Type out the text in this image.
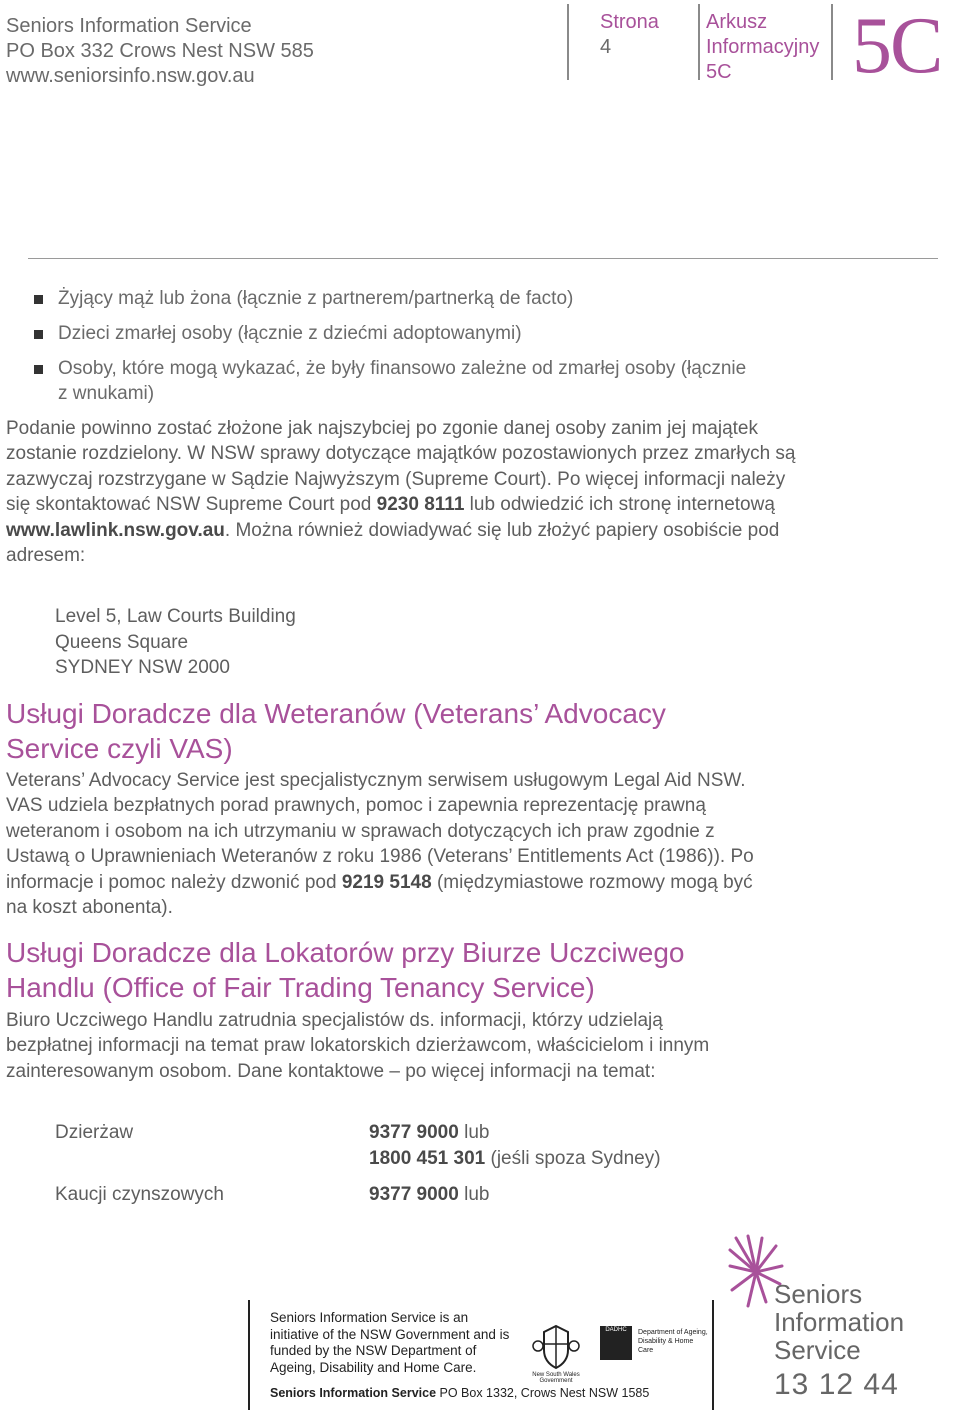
Seniors Information Service
PO Box 332 Crows Nest NSW 585
www.seniorsinfo.nsw.gov.au
Strona
4
Arkusz
Informacyjny
5C	5C
Żyjący mąż lub żona (łącznie z partnerem/partnerką de facto)
Dzieci zmarłej osoby (łącznie z dziećmi adoptowanymi)
Osoby, które mogą wykazać, że były finansowo zależne od zmarłej osoby (łącznie z wnukami)
Podanie powinno zostać złożone jak najszybciej po zgonie danej osoby zanim jej majątek zostanie rozdzielony. W NSW sprawy dotyczące majątków pozostawionych przez zmarłych są zazwyczaj rozstrzygane w Sądzie Najwyższym (Supreme Court). Po więcej informacji należy się skontaktować NSW Supreme Court pod 9230 8111 lub odwiedzić ich stronę internetową www.lawlink.nsw.gov.au. Można również dowiadywać się lub złożyć papiery osobiście pod adresem:
Level 5, Law Courts Building
Queens Square
SYDNEY NSW 2000
Usługi Doradcze dla Weteranów (Veterans’ Advocacy Service czyli VAS)
Veterans’ Advocacy Service jest specjalistycznym serwisem usługowym Legal Aid NSW. VAS udziela bezpłatnych porad prawnych, pomoc i zapewnia reprezentację prawną weteranom i osobom na ich utrzymaniu w sprawach dotyczących ich praw zgodnie z Ustawą o Uprawnieniach Weteranów z roku 1986 (Veterans’ Entitlements Act (1986)). Po informacje i pomoc należy dzwonić pod 9219 5148 (międzymiastowe rozmowy mogą być na koszt abonenta).
Usługi Doradcze dla Lokatorów przy Biurze Uczciwego Handlu (Office of Fair Trading Tenancy Service)
Biuro Uczciwego Handlu zatrudnia specjalistów ds. informacji, którzy udzielają bezpłatnej informacji na temat praw lokatorskich dzierżawcom, właścicielom i innym zainteresowanym osobom. Dane kontaktowe – po więcej informacji na temat:
Dzierżaw	9377 9000 lub
1800 451 301 (jeśli spoza Sydney)
Kaucji czynszowych	9377 9000 lub
Seniors Information Service is an initiative of the NSW Government and is funded by the NSW Department of Ageing, Disability and Home Care.
Seniors Information Service PO Box 1332, Crows Nest NSW 1585
New South Wales Government
DADHC	Department of Ageing, Disability & Home Care
Seniors
Information
Service
13 12 44
